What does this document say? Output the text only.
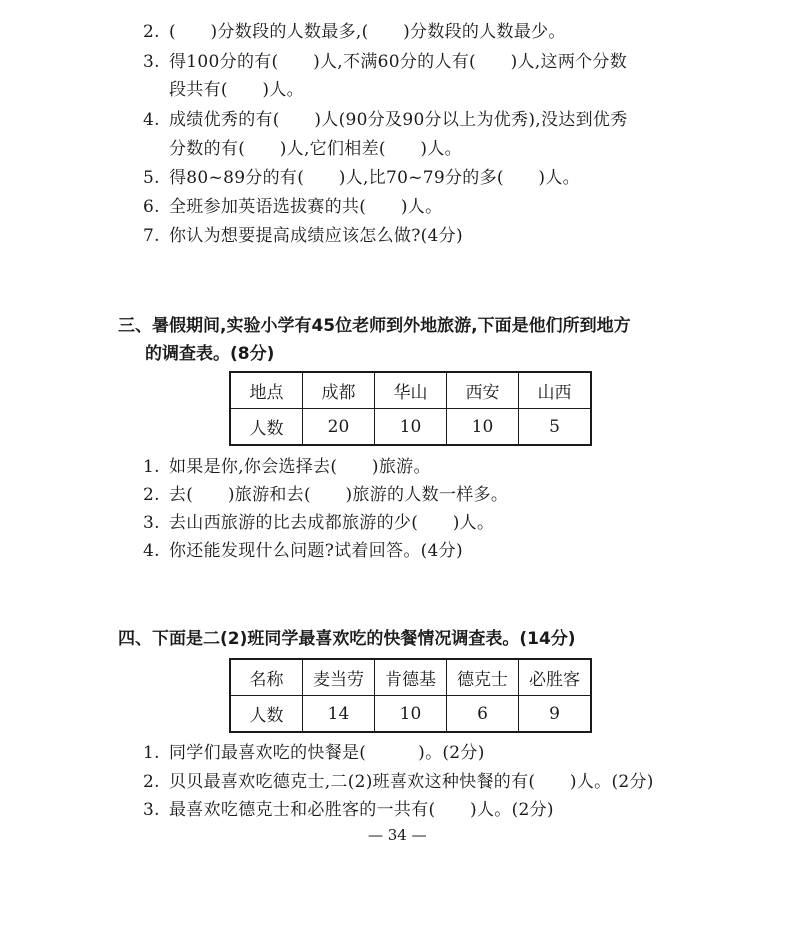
2. (　　)分数段的人数最多,(　　)分数段的人数最少。
3. 得100分的有(　　)人,不满60分的人有(　　)人,这两个分数
段共有(　　)人。
4. 成绩优秀的有(　　)人(90分及90分以上为优秀),没达到优秀
分数的有(　　)人,它们相差(　　)人。
5. 得80~89分的有(　　)人,比70~79分的多(　　)人。
6. 全班参加英语选拔赛的共(　　)人。
7. 你认为想要提高成绩应该怎么做?(4分)
三、暑假期间,实验小学有45位老师到外地旅游,下面是他们所到地方
的调查表。(8分)
地点	成都	华山	西安	山西
人数	20	10	10	5
1. 如果是你,你会选择去(　　)旅游。
2. 去(　　)旅游和去(　　)旅游的人数一样多。
3. 去山西旅游的比去成都旅游的少(　　)人。
4. 你还能发现什么问题?试着回答。(4分)
四、下面是二(2)班同学最喜欢吃的快餐情况调查表。(14分)
名称	麦当劳	肯德基	德克士	必胜客
人数	14	10	6	9
1. 同学们最喜欢吃的快餐是(　　　)。(2分)
2. 贝贝最喜欢吃德克士,二(2)班喜欢这种快餐的有(　　)人。(2分)
3. 最喜欢吃德克士和必胜客的一共有(　　)人。(2分)
— 34 —
